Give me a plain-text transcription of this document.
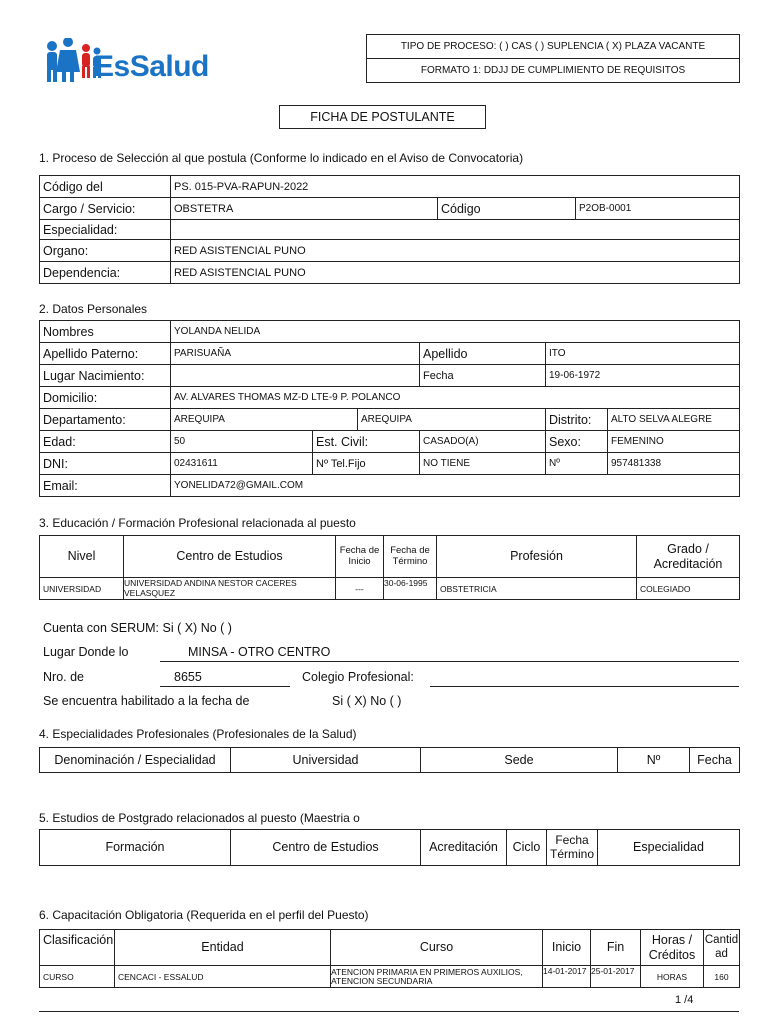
EsSalud
TIPO DE PROCESO: ( ) CAS ( ) SUPLENCIA ( X) PLAZA VACANTE
FORMATO 1: DDJJ DE CUMPLIMIENTO DE REQUISITOS
FICHA DE POSTULANTE
1. Proceso de Selección al que postula (Conforme lo indicado en el Aviso de Convocatoria)
Código del	PS. 015-PVA-RAPUN-2022		
Cargo / Servicio:	OBSTETRA	Código	P2OB-0001
Especialidad:			
Organo:	RED ASISTENCIAL PUNO		
Dependencia:	RED ASISTENCIAL PUNO		
2. Datos Personales
Nombres	YOLANDA NELIDA					
Apellido Paterno:	PARISUAÑA			Apellido	ITO	
Lugar Nacimiento:				Fecha	19-06-1972	
Domicilio:	AV. ALVARES THOMAS MZ-D LTE-9 P. POLANCO					
Departamento:	AREQUIPA		AREQUIPA		Distrito:	ALTO SELVA ALEGRE
Edad:	50	Est. Civil:		CASADO(A)	Sexo:	FEMENINO
DNI:	02431611	Nº Tel.Fijo		NO TIENE	Nº	957481338
Email:	YONELIDA72@GMAIL.COM					
3. Educación / Formación Profesional relacionada al puesto
Nivel	Centro de Estudios	Fecha de Inicio	Fecha de Término	Profesión	Grado / Acreditación
UNIVERSIDAD	UNIVERSIDAD ANDINA NESTOR CACERES VELASQUEZ	---	30-06-1995	OBSTETRICIA	COLEGIADO
Cuenta con SERUM: Si ( X) No ( )
Lugar Donde lo	MINSA - OTRO CENTRO
Nro. de	8655	Colegio Profesional:
Se encuentra habilitado a la fecha de	Si ( X) No ( )
4. Especialidades Profesionales (Profesionales de la Salud)
Denominación / Especialidad	Universidad	Sede	Nº	Fecha
5. Estudios de Postgrado relacionados al puesto (Maestria o
Formación	Centro de Estudios	Acreditación	Ciclo	Fecha Término	Especialidad
6. Capacitación Obligatoria (Requerida en el perfil del Puesto)
Clasificación	Entidad	Curso	Inicio	Fin	Horas / Créditos	Cantidad
CURSO	CENCACI - ESSALUD	ATENCION PRIMARIA EN PRIMEROS AUXILIOS, ATENCION SECUNDARIA	14-01-2017	25-01-2017	HORAS	160
1 /4
